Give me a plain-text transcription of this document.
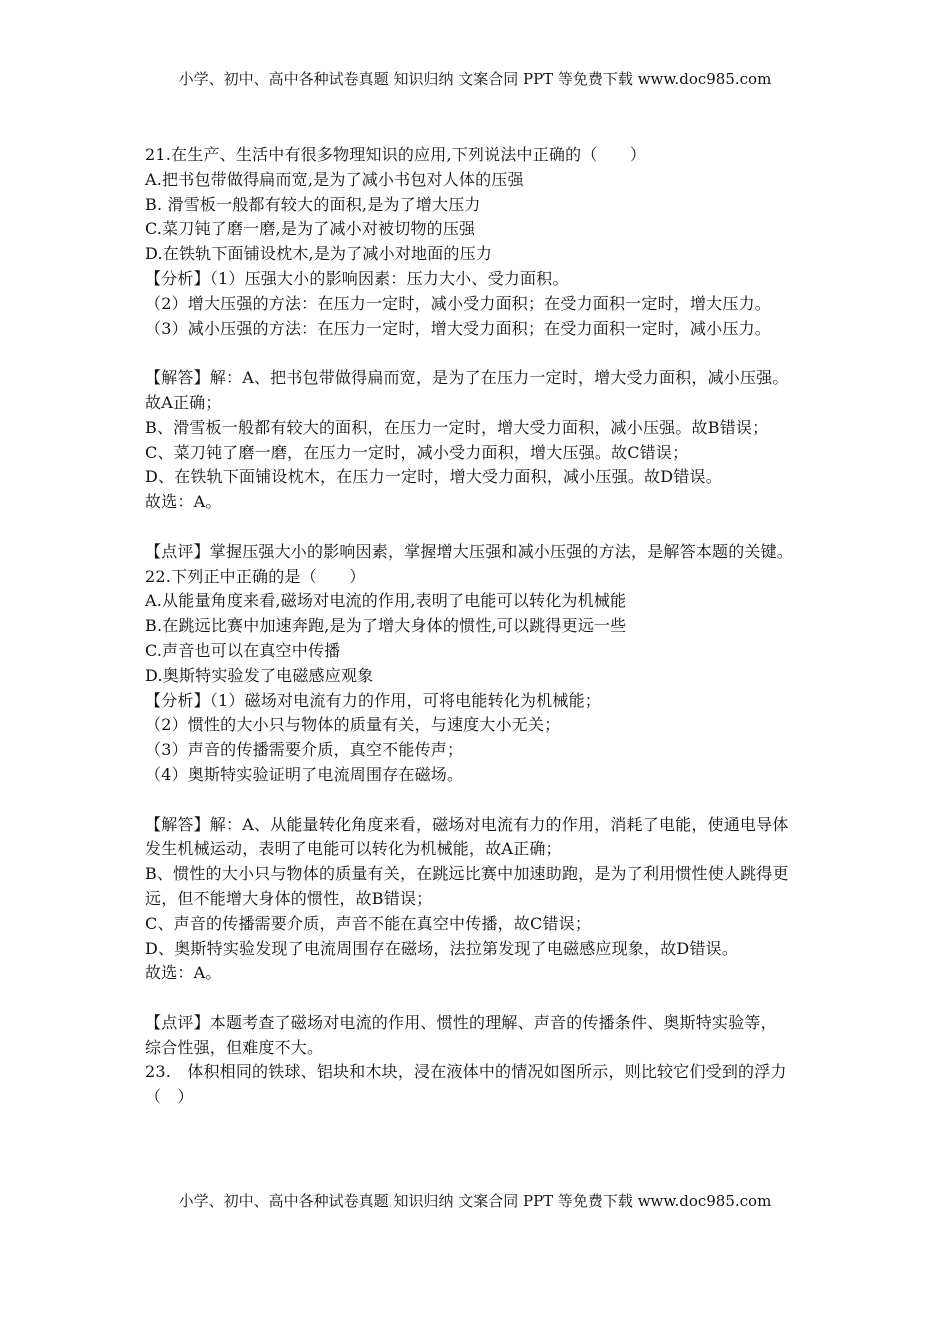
小学、初中、高中各种试卷真题 知识归纳 文案合同 PPT 等免费下载 www.doc985.com
21.在生产、生活中有很多物理知识的应用,下列说法中正确的（　　）
A.把书包带做得扁而宽,是为了减小书包对人体的压强
B. 滑雪板一般都有较大的面积,是为了增大压力
C.菜刀钝了磨一磨,是为了减小对被切物的压强
D.在铁轨下面铺设枕木,是为了减小对地面的压力
【分析】（1）压强大小的影响因素：压力大小、受力面积。
（2）增大压强的方法：在压力一定时，减小受力面积；在受力面积一定时，增大压力。
（3）减小压强的方法：在压力一定时，增大受力面积；在受力面积一定时，减小压力。
【解答】解：A、把书包带做得扁而宽，是为了在压力一定时，增大受力面积，减小压强。
故A正确；
B、滑雪板一般都有较大的面积，在压力一定时，增大受力面积，减小压强。故B错误；
C、菜刀钝了磨一磨，在压力一定时，减小受力面积，增大压强。故C错误；
D、在铁轨下面铺设枕木，在压力一定时，增大受力面积，减小压强。故D错误。
故选：A。
【点评】掌握压强大小的影响因素，掌握增大压强和减小压强的方法，是解答本题的关键。
22.下列正中正确的是（　　）
A.从能量角度来看,磁场对电流的作用,表明了电能可以转化为机械能
B.在跳远比赛中加速奔跑,是为了增大身体的惯性,可以跳得更远一些
C.声音也可以在真空中传播
D.奥斯特实验发了电磁感应观象
【分析】（1）磁场对电流有力的作用，可将电能转化为机械能；
（2）惯性的大小只与物体的质量有关，与速度大小无关；
（3）声音的传播需要介质，真空不能传声；
（4）奥斯特实验证明了电流周围存在磁场。
【解答】解：A、从能量转化角度来看，磁场对电流有力的作用，消耗了电能，使通电导体
发生机械运动，表明了电能可以转化为机械能，故A正确；
B、惯性的大小只与物体的质量有关，在跳远比赛中加速助跑，是为了利用惯性使人跳得更
远，但不能增大身体的惯性，故B错误；
C、声音的传播需要介质，声音不能在真空中传播，故C错误；
D、奥斯特实验发现了电流周围存在磁场，法拉第发现了电磁感应现象，故D错误。
故选：A。
【点评】本题考查了磁场对电流的作用、惯性的理解、声音的传播条件、奥斯特实验等，
综合性强，但难度不大。
23.　体积相同的铁球、铝块和木块，浸在液体中的情况如图所示，则比较它们受到的浮力
（　）
小学、初中、高中各种试卷真题 知识归纳 文案合同 PPT 等免费下载 www.doc985.com
